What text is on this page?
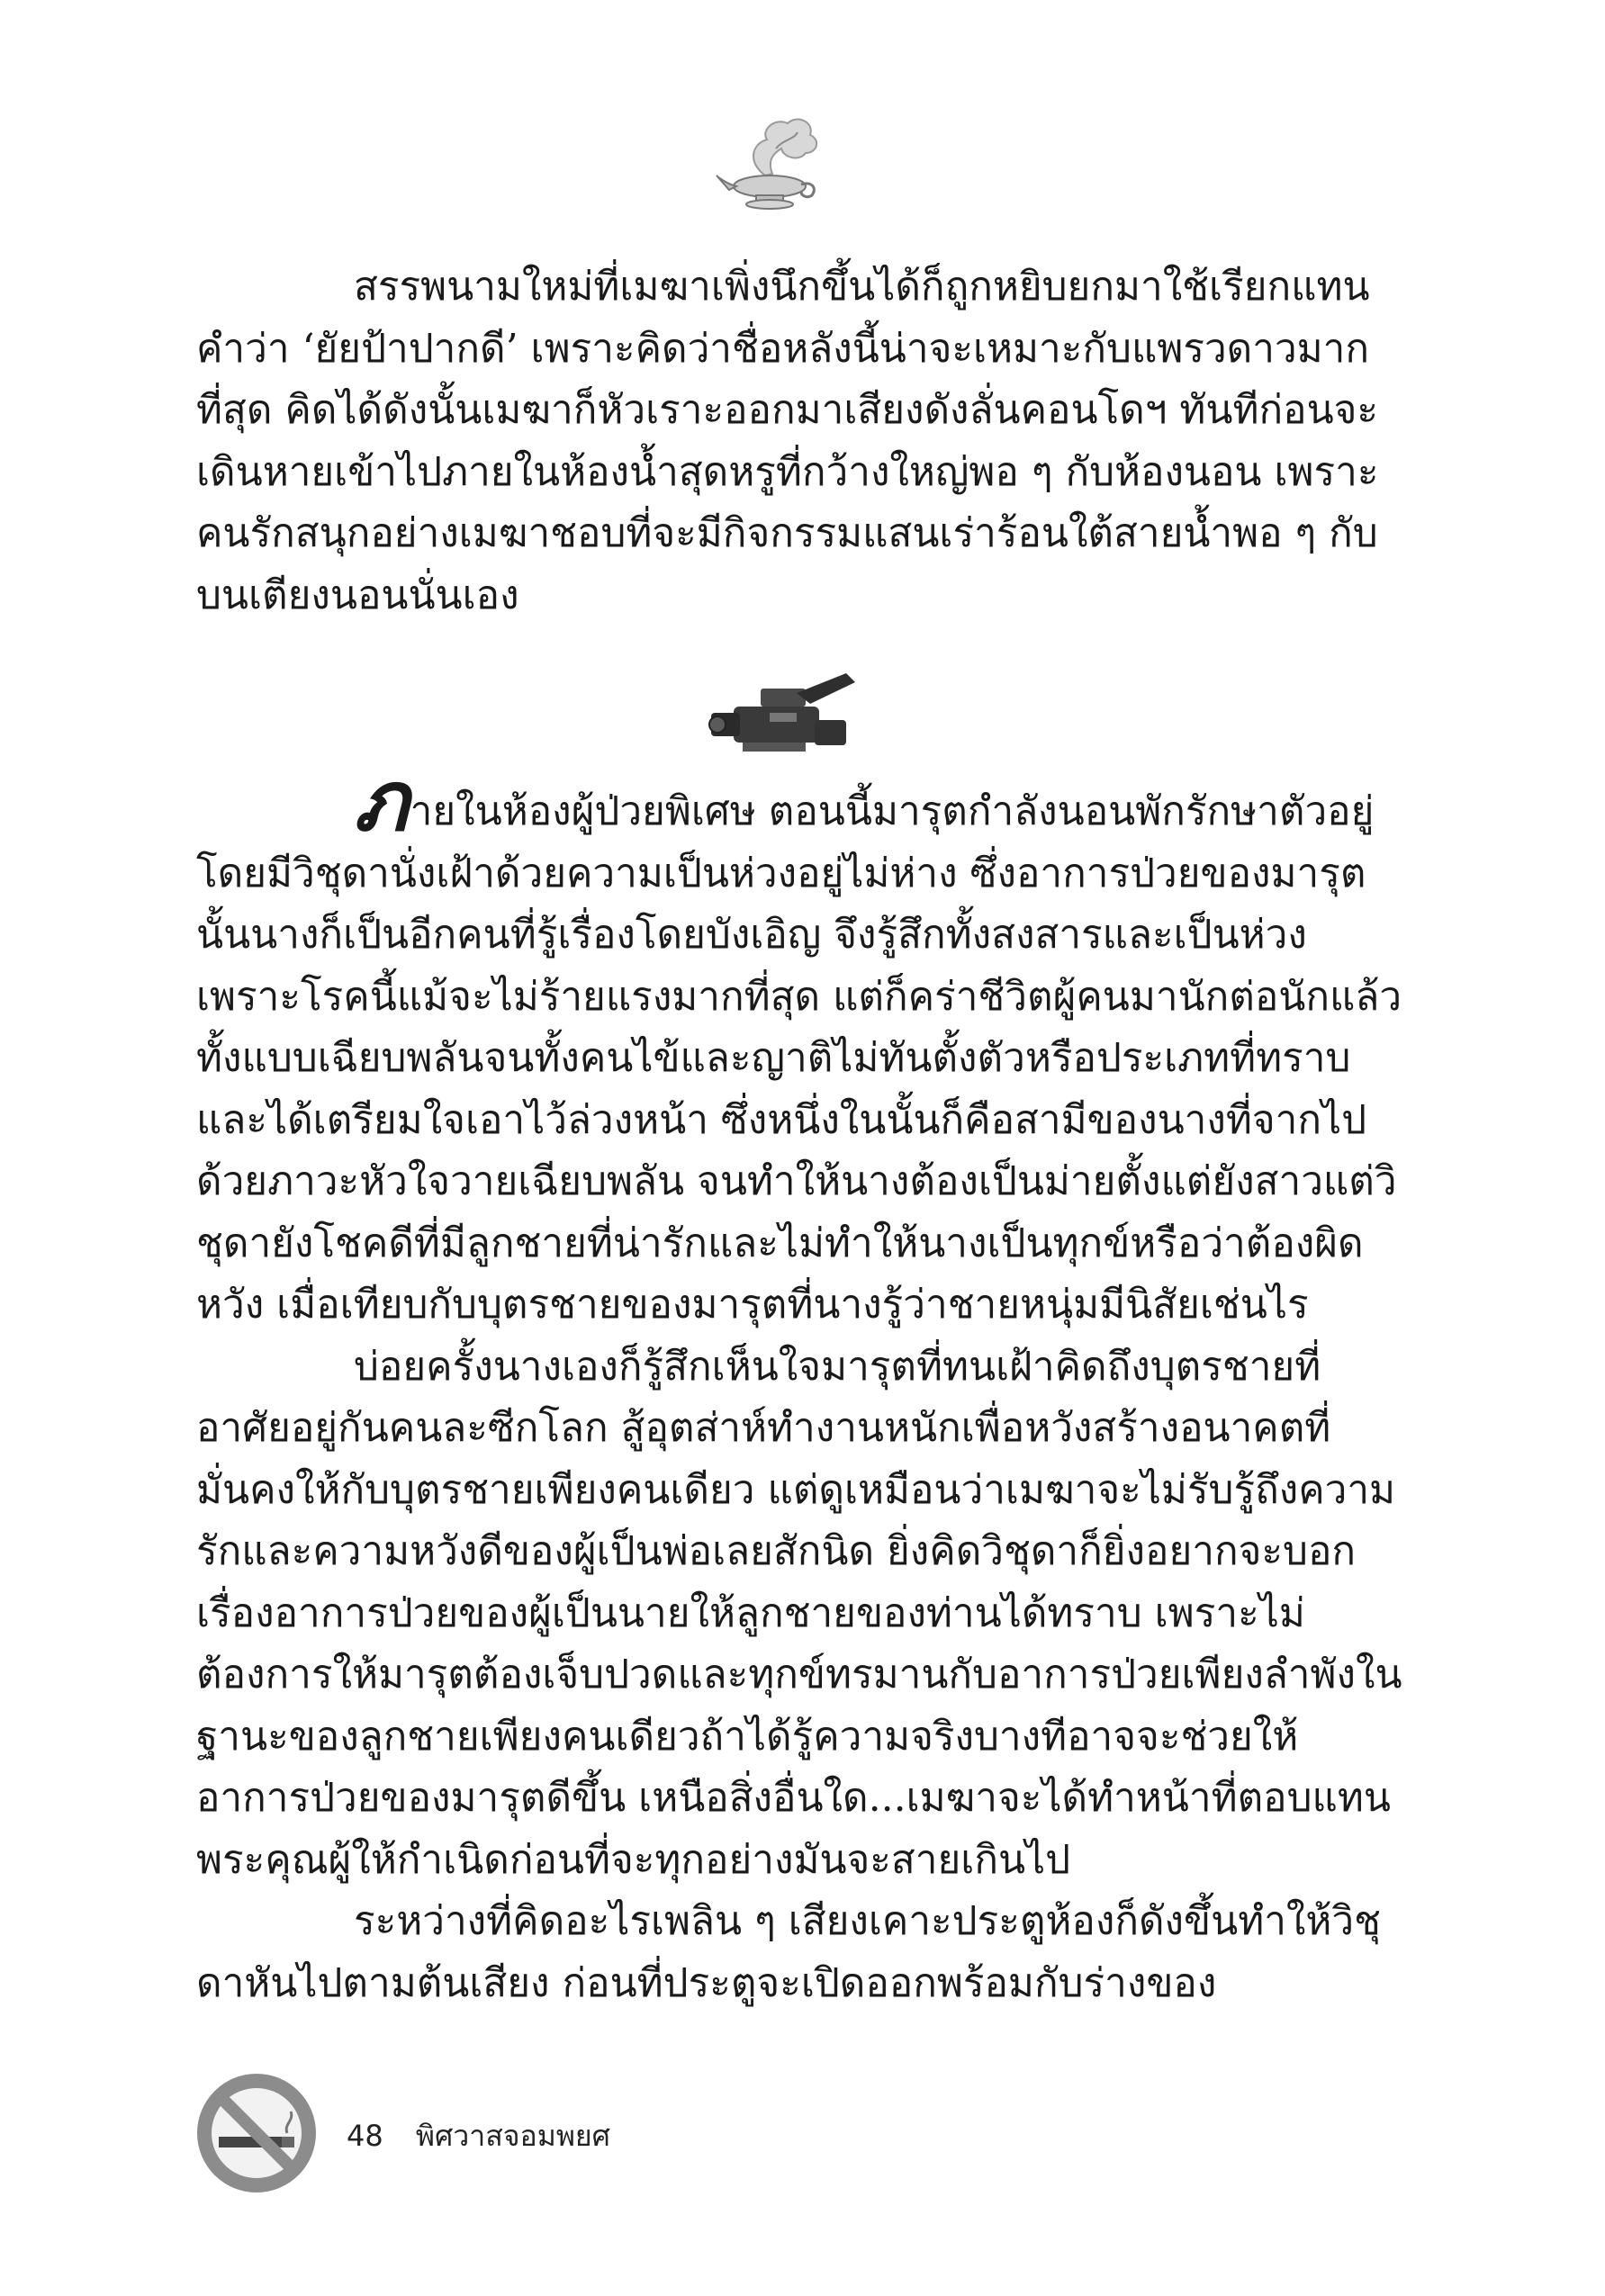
สรรพนามใหม่ที่เมฆาเพิ่งนึกขึ้นได้ก็ถูกหยิบยกมาใช้เรียกแทนคำว่า ‘ยัยป้าปากดี’ เพราะคิดว่าชื่อหลังนี้น่าจะเหมาะกับแพรวดาวมากที่สุด คิดได้ดังนั้นเมฆาก็หัวเราะออกมาเสียงดังลั่นคอนโดฯ ทันทีก่อนจะเดินหายเข้าไปภายในห้องน้ำสุดหรูที่กว้างใหญ่พอ ๆ กับห้องนอน เพราะคนรักสนุกอย่างเมฆาชอบที่จะมีกิจกรรมแสนเร่าร้อนใต้สายน้ำพอ ๆ กับบนเตียงนอนนั่นเอง

ภายในห้องผู้ป่วยพิเศษ ตอนนี้มารุตกำลังนอนพักรักษาตัวอยู่โดยมีวิชุดานั่งเฝ้าด้วยความเป็นห่วงอยู่ไม่ห่าง ซึ่งอาการป่วยของมารุตนั้นนางก็เป็นอีกคนที่รู้เรื่องโดยบังเอิญ จึงรู้สึกทั้งสงสารและเป็นห่วง เพราะโรคนี้แม้จะไม่ร้ายแรงมากที่สุด แต่ก็คร่าชีวิตผู้คนมานักต่อนักแล้วทั้งแบบเฉียบพลันจนทั้งคนไข้และญาติไม่ทันตั้งตัวหรือประเภทที่ทราบและได้เตรียมใจเอาไว้ล่วงหน้า ซึ่งหนึ่งในนั้นก็คือสามีของนางที่จากไปด้วยภาวะหัวใจวายเฉียบพลัน จนทำให้นางต้องเป็นม่ายตั้งแต่ยังสาวแต่วิชุดายังโชคดีที่มีลูกชายที่น่ารักและไม่ทำให้นางเป็นทุกข์หรือว่าต้องผิดหวัง เมื่อเทียบกับบุตรชายของมารุตที่นางรู้ว่าชายหนุ่มมีนิสัยเช่นไร

บ่อยครั้งนางเองก็รู้สึกเห็นใจมารุตที่ทนเฝ้าคิดถึงบุตรชายที่อาศัยอยู่กันคนละซีกโลก สู้อุตส่าห์ทำงานหนักเพื่อหวังสร้างอนาคตที่มั่นคงให้กับบุตรชายเพียงคนเดียว แต่ดูเหมือนว่าเมฆาจะไม่รับรู้ถึงความรักและความหวังดีของผู้เป็นพ่อเลยสักนิด ยิ่งคิดวิชุดาก็ยิ่งอยากจะบอกเรื่องอาการป่วยของผู้เป็นนายให้ลูกชายของท่านได้ทราบ เพราะไม่ต้องการให้มารุตต้องเจ็บปวดและทุกข์ทรมานกับอาการป่วยเพียงลำพังในฐานะของลูกชายเพียงคนเดียวถ้าได้รู้ความจริงบางทีอาจจะช่วยให้อาการป่วยของมารุตดีขึ้น เหนือสิ่งอื่นใด...เมฆาจะได้ทำหน้าที่ตอบแทนพระคุณผู้ให้กำเนิดก่อนที่จะทุกอย่างมันจะสายเกินไป

ระหว่างที่คิดอะไรเพลิน ๆ เสียงเคาะประตูห้องก็ดังขึ้นทำให้วิชุดาหันไปตามต้นเสียง ก่อนที่ประตูจะเปิดออกพร้อมกับร่างของ

48 พิศวาสจอมพยศ
